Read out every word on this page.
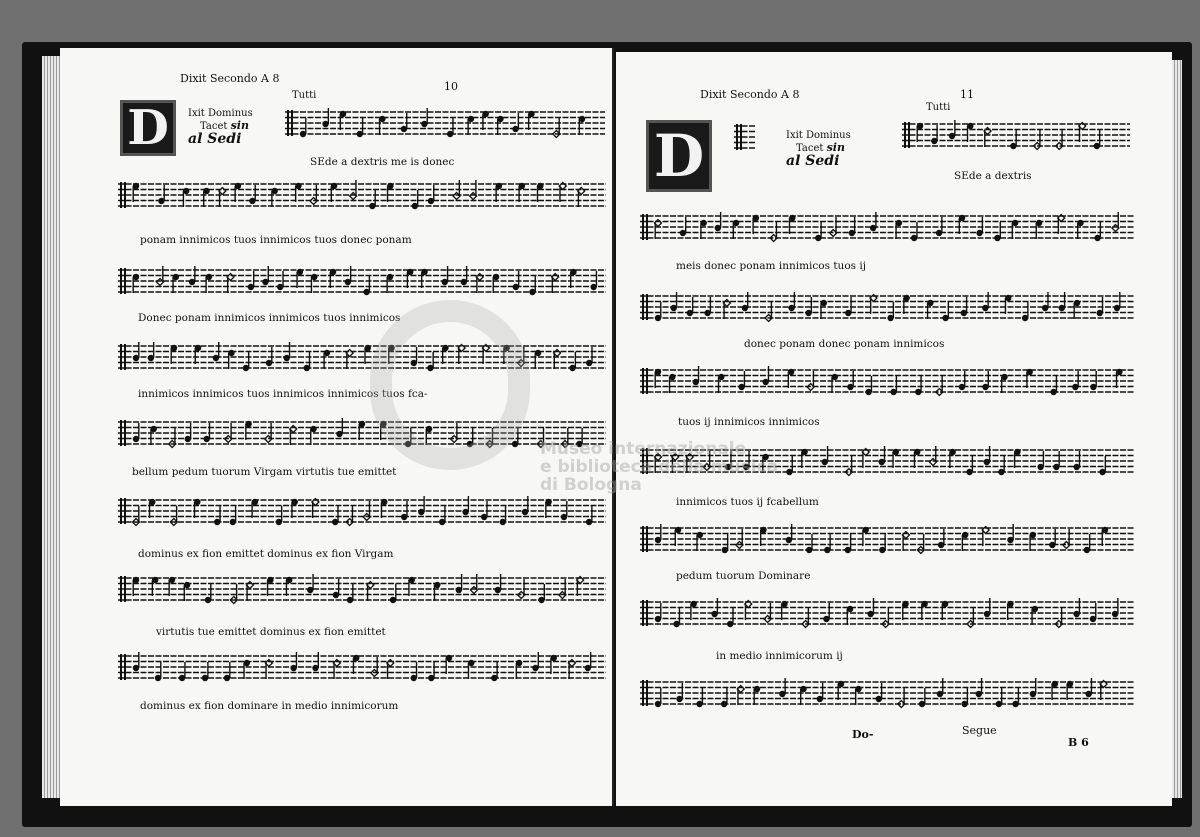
Dixit Secondo A 8
10
D	Ixit Dominus
Tacet sin
al Sedi
Tutti
SEde a dextris me is donec
ponam innimicos tuos innimicos tuos donec ponam
Donec ponam innimicos innimicos tuos innimicos
innimicos innimicos tuos innimicos innimicos tuos fca-
bellum pedum tuorum Virgam virtutis tue emittet
dominus ex fion emittet dominus ex fion Virgam
virtutis tue emittet dominus ex fion emittet
dominus ex fion dominare in medio innimicorum
Dixit Secondo A 8	11
D	Ixit Dominus
Tacet sin
al Sedi
Tutti
SEde a dextris
meis donec ponam innimicos tuos ij
donec ponam donec ponam innimicos
tuos ij innimicos innimicos
innimicos tuos ij fcabellum
pedum tuorum Dominare
in medio innimicorum ij
Do-	Segue
B 6
Museo internazionale
e biblioteca della musica
di Bologna
